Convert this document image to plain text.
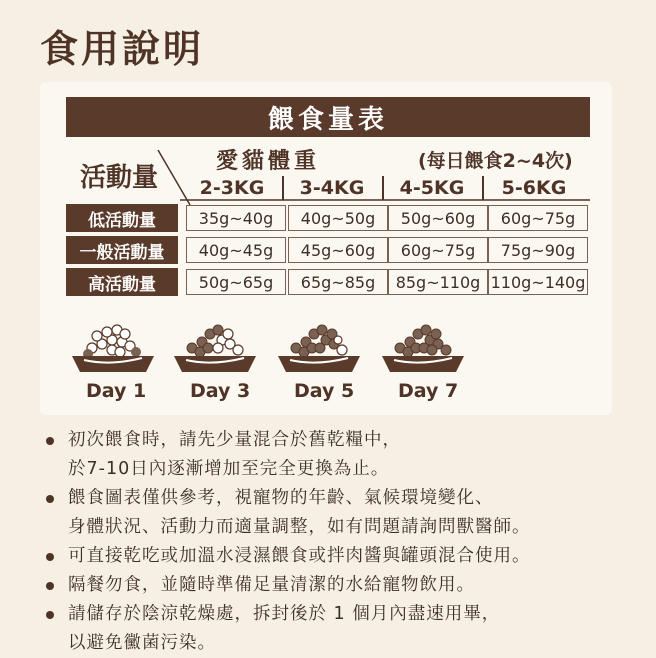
食用說明
餵食量表
活動量
愛貓體重	(每日餵食2~4次)
2-3KG	3-4KG	4-5KG	5-6KG
低活動量	35g~40g	40g~50g	50g~60g	60g~75g
一般活動量	40g~45g	45g~60g	60g~75g	75g~90g
高活動量	50g~65g	65g~85g	85g~110g 110g~140g
Day 1 Day 3 Day 5 Day 7
初次餵食時，請先少量混合於舊乾糧中，
於7-10日內逐漸增加至完全更換為止。
餵食圖表僅供參考，視寵物的年齡、氣候環境變化、
身體狀況、活動力而適量調整，如有問題請詢問獸醫師。
可直接乾吃或加溫水浸濕餵食或拌肉醬與罐頭混合使用。
隔餐勿食，並隨時準備足量清潔的水給寵物飲用。
請儲存於陰涼乾燥處，拆封後於 1 個月內盡速用畢，
以避免黴菌污染。
